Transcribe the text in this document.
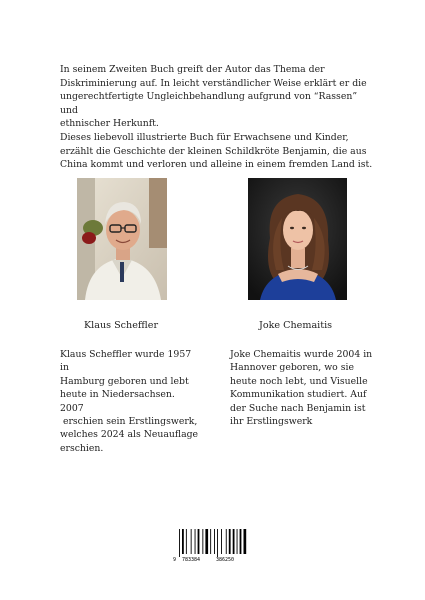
In seinem Zweiten Buch greift der Autor das Thema der

Diskriminierung auf. In leicht verständlicher Weise erklärt er die

ungerechtfertigte Ungleichbehandlung aufgrund von “Rassen” und

ethnischer Herkunft.

Dieses liebevoll illustrierte Buch für Erwachsene und Kinder,

erzählt die Geschichte der kleinen Schildkröte Benjamin, die aus

China kommt und verloren und alleine in einem fremden Land ist.

Klaus Scheffler	Joke Chemaitis

Klaus Scheffler wurde 1957 in

Hamburg geboren und lebt

heute in Niedersachsen. 2007

erschien sein Erstlingswerk,

welches 2024 als Neuauflage

erschien.

Joke Chemaitis wurde 2004 in

Hannover geboren, wo sie

heute noch lebt, und Visuelle

Kommunikation studiert. Auf

der Suche nach Benjamin ist

ihr Erstlingswerk

9 783384	386250
